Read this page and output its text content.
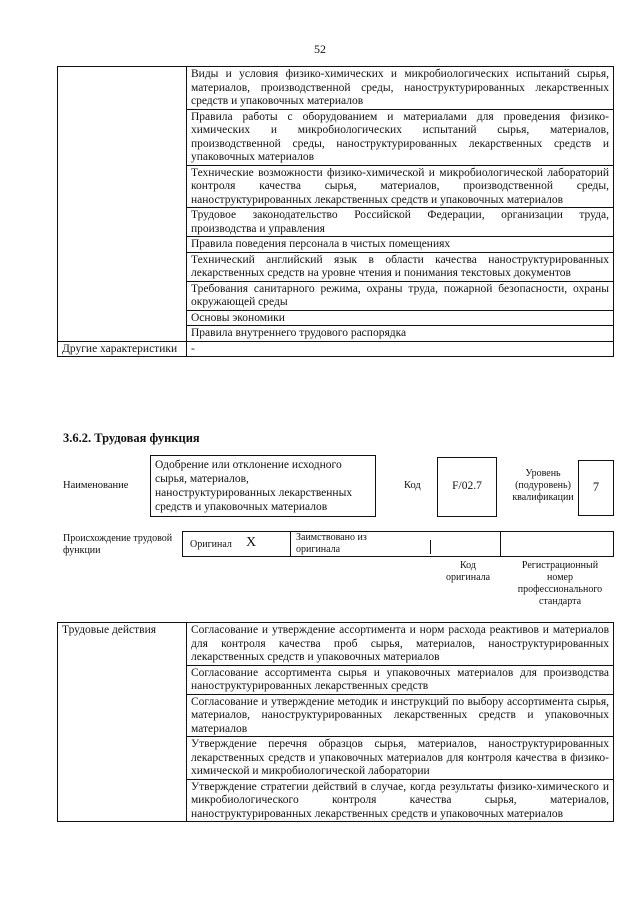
52
	Виды и условия физико-химических и микробиологических испытаний сырья, материалов, производственной среды, наноструктурированных лекарственных средств и упаковочных материалов
	Правила работы с оборудованием и материалами для проведения физико-химических и микробиологических испытаний сырья, материалов, производственной среды, наноструктурированных лекарственных средств и упаковочных материалов
	Технические возможности физико-химической и микробиологической лабораторий контроля качества сырья, материалов, производственной среды, наноструктурированных лекарственных средств и упаковочных материалов
	Трудовое законодательство Российской Федерации, организации труда, производства и управления
	Правила поведения персонала в чистых помещениях
	Технический английский язык в области качества наноструктурированных лекарственных средств на уровне чтения и понимания текстовых документов
	Требования санитарного режима, охраны труда, пожарной безопасности, охраны окружающей среды
	Основы экономики
	Правила внутреннего трудового распорядка
Другие характеристики	-
3.6.2. Трудовая функция
Наименование
Одобрение или отклонение исходного сырья, материалов, наноструктурированных лекарственных средств и упаковочных материалов
Код	F/02.7
Уровень (подуровень) квалификации
7
Происхождение трудовой функции
Оригинал X	Заимствовано из оригинала
Код оригинала
Регистрационный номер профессионального стандарта
Трудовые действия	Согласование и утверждение ассортимента и норм расхода реактивов и материалов для контроля качества проб сырья, материалов, наноструктурированных лекарственных средств и упаковочных материалов
Согласование ассортимента сырья и упаковочных материалов для производства наноструктурированных лекарственных средств
Согласование и утверждение методик и инструкций по выбору ассортимента сырья, материалов, наноструктурированных лекарственных средств и упаковочных материалов
Утверждение перечня образцов сырья, материалов, наноструктурированных лекарственных средств и упаковочных материалов для контроля качества в физико-химической и микробиологической лаборатории
Утверждение стратегии действий в случае, когда результаты физико-химического и микробиологического контроля качества сырья, материалов, наноструктурированных лекарственных средств и упаковочных материалов
